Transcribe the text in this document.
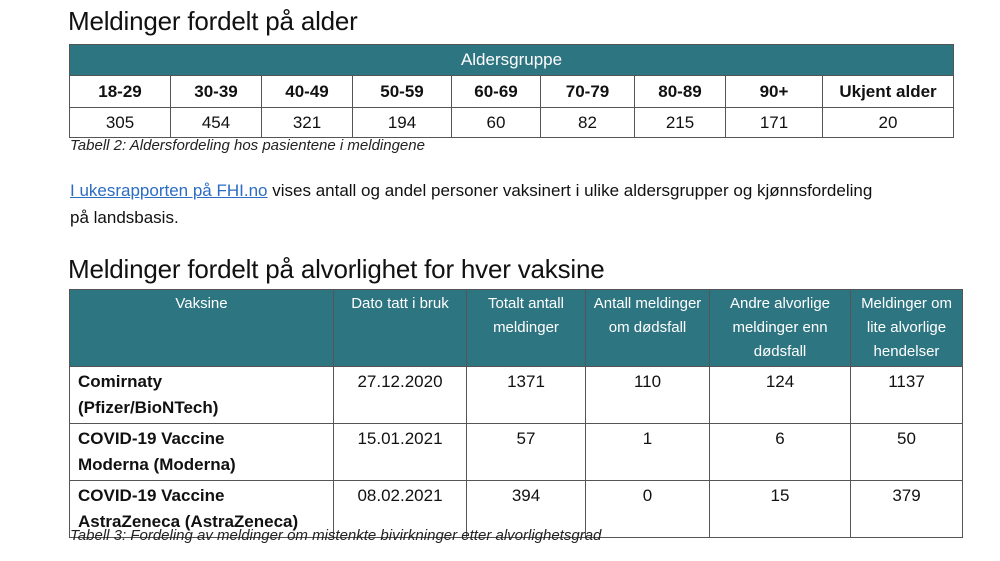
Meldinger fordelt på alder
Aldersgruppe								
18-29	30-39	40-49	50-59	60-69	70-79	80-89	90+	Ukjent alder
305	454	321	194	60	82	215	171	20
Tabell 2: Aldersfordeling hos pasientene i meldingene
I ukesrapporten på FHI.no vises antall og andel personer vaksinert i ulike aldersgrupper og kjønnsfordeling på landsbasis.
Meldinger fordelt på alvorlighet for hver vaksine
Vaksine	Dato tatt i bruk	Totalt antall meldinger	Antall meldinger om dødsfall	Andre alvorlige meldinger enn dødsfall	Meldinger om lite alvorlige hendelser
Comirnaty
(Pfizer/BioNTech)	27.12.2020	1371	110	124	1137
COVID-19 Vaccine
Moderna (Moderna)	15.01.2021	57	1	6	50
COVID-19 Vaccine
AstraZeneca (AstraZeneca)	08.02.2021	394	0	15	379
Tabell 3: Fordeling av meldinger om mistenkte bivirkninger etter alvorlighetsgrad
